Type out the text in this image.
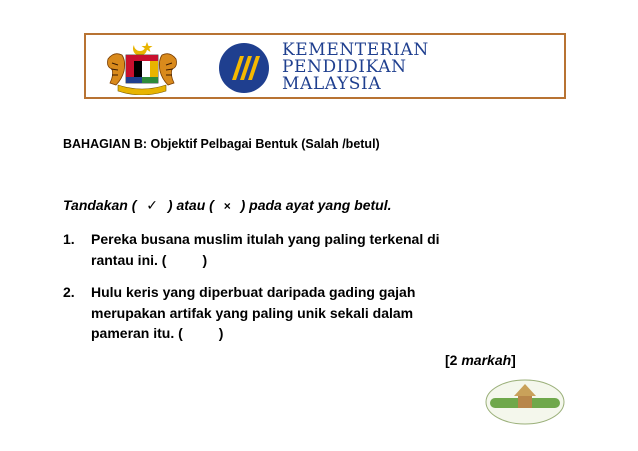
KEMENTERIAN
PENDIDIKAN
MALAYSIA
BAHAGIAN B: Objektif Pelbagai Bentuk (Salah /betul)
Tandakan ( ✓ ) atau ( × ) pada ayat yang betul.
1. Pereka busana muslim itulah yang paling terkenal di
rantau ini. (	)
2. Hulu keris yang diperbuat daripada gading gajah
merupakan artifak yang paling unik sekali dalam
pameran itu. (	)
[2 markah]
